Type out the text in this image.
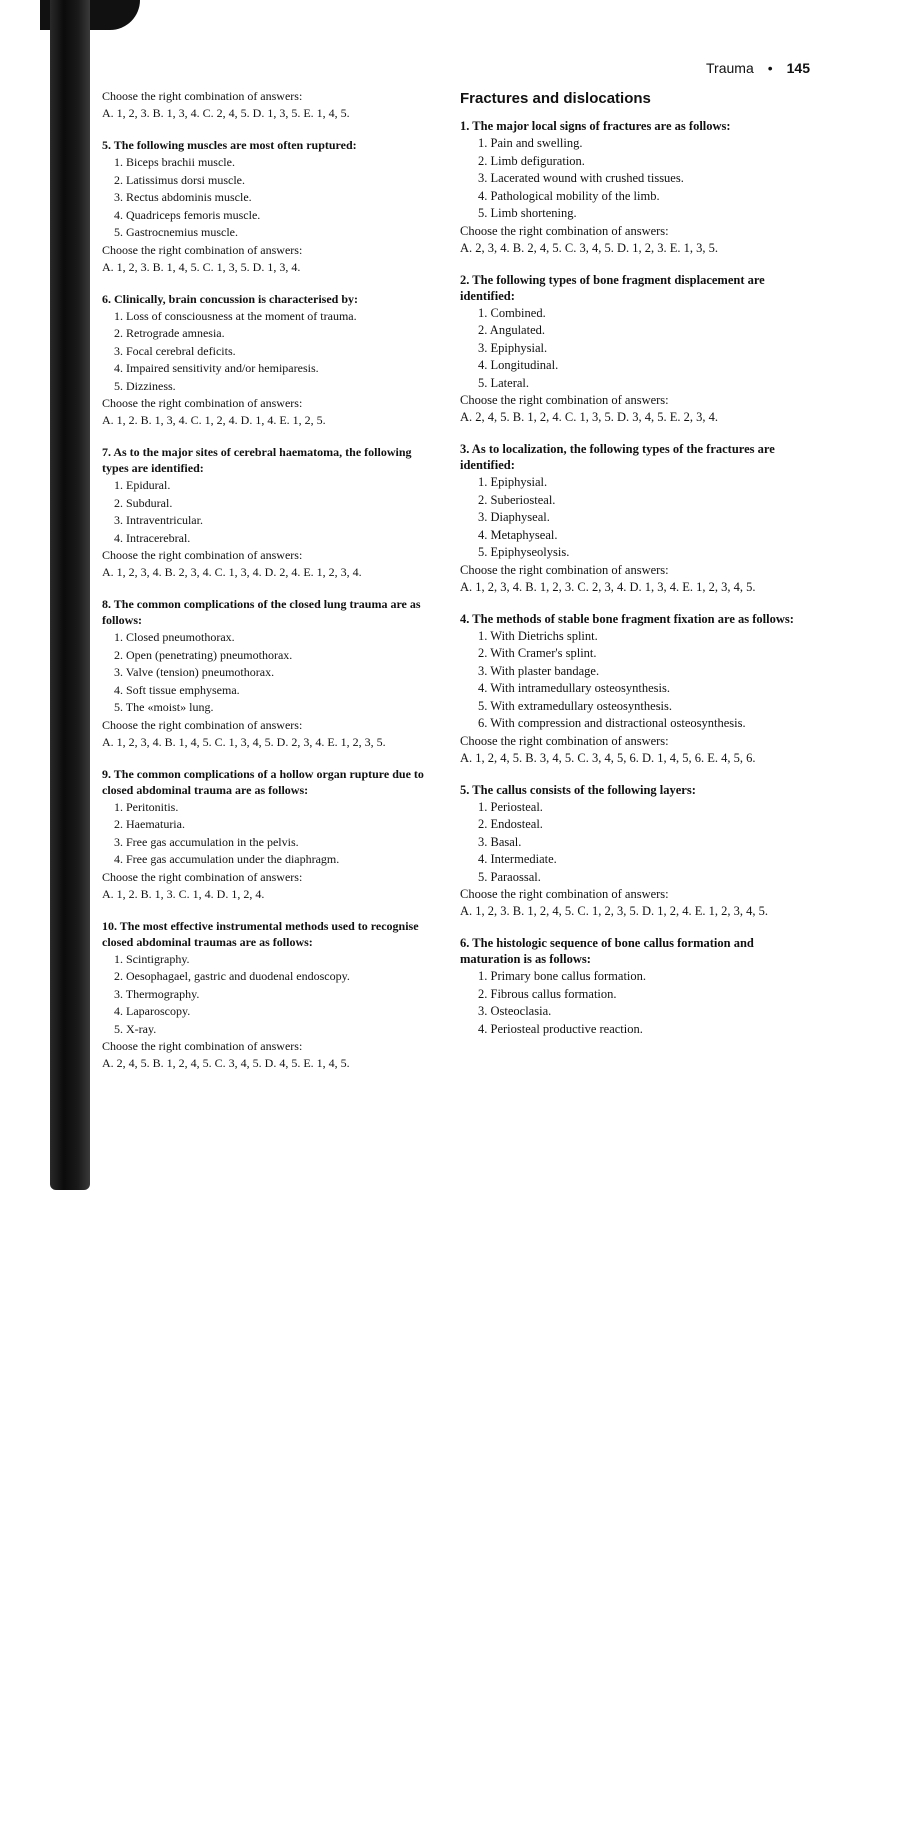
Trauma • 145
Choose the right combination of answers:
A. 1, 2, 3. B. 1, 3, 4. C. 2, 4, 5. D. 1, 3, 5. E. 1, 4, 5.
5. The following muscles are most often ruptured:
1. Biceps brachii muscle.
2. Latissimus dorsi muscle.
3. Rectus abdominis muscle.
4. Quadriceps femoris muscle.
5. Gastrocnemius muscle.
Choose the right combination of answers:
A. 1, 2, 3. B. 1, 4, 5. C. 1, 3, 5. D. 1, 3, 4.
6. Clinically, brain concussion is characterised by:
1. Loss of consciousness at the moment of trauma.
2. Retrograde amnesia.
3. Focal cerebral deficits.
4. Impaired sensitivity and/or hemiparesis.
5. Dizziness.
Choose the right combination of answers:
A. 1, 2. B. 1, 3, 4. C. 1, 2, 4. D. 1, 4. E. 1, 2, 5.
7. As to the major sites of cerebral haematoma, the following types are identified:
1. Epidural.
2. Subdural.
3. Intraventricular.
4. Intracerebral.
Choose the right combination of answers:
A. 1, 2, 3, 4. B. 2, 3, 4. C. 1, 3, 4. D. 2, 4. E. 1, 2, 3, 4.
8. The common complications of the closed lung trauma are as follows:
1. Closed pneumothorax.
2. Open (penetrating) pneumothorax.
3. Valve (tension) pneumothorax.
4. Soft tissue emphysema.
5. The «moist» lung.
Choose the right combination of answers:
A. 1, 2, 3, 4. B. 1, 4, 5. C. 1, 3, 4, 5. D. 2, 3, 4. E. 1, 2, 3, 5.
9. The common complications of a hollow organ rupture due to closed abdominal trauma are as follows:
1. Peritonitis.
2. Haematuria.
3. Free gas accumulation in the pelvis.
4. Free gas accumulation under the diaphragm.
Choose the right combination of answers:
A. 1, 2. B. 1, 3. C. 1, 4. D. 1, 2, 4.
10. The most effective instrumental methods used to recognise closed abdominal traumas are as follows:
1. Scintigraphy.
2. Oesophagael, gastric and duodenal endoscopy.
3. Thermography.
4. Laparoscopy.
5. X-ray.
Choose the right combination of answers:
A. 2, 4, 5. B. 1, 2, 4, 5. C. 3, 4, 5. D. 4, 5. E. 1, 4, 5.
Fractures and dislocations
1. The major local signs of fractures are as follows:
1. Pain and swelling.
2. Limb defiguration.
3. Lacerated wound with crushed tissues.
4. Pathological mobility of the limb.
5. Limb shortening.
Choose the right combination of answers:
A. 2, 3, 4. B. 2, 4, 5. C. 3, 4, 5. D. 1, 2, 3. E. 1, 3, 5.
2. The following types of bone fragment displacement are identified:
1. Combined.
2. Angulated.
3. Epiphysial.
4. Longitudinal.
5. Lateral.
Choose the right combination of answers:
A. 2, 4, 5. B. 1, 2, 4. C. 1, 3, 5. D. 3, 4, 5. E. 2, 3, 4.
3. As to localization, the following types of the fractures are identified:
1. Epiphysial.
2. Suberiosteal.
3. Diaphyseal.
4. Metaphyseal.
5. Epiphyseolysis.
Choose the right combination of answers:
A. 1, 2, 3, 4. B. 1, 2, 3. C. 2, 3, 4. D. 1, 3, 4. E. 1, 2, 3, 4, 5.
4. The methods of stable bone fragment fixation are as follows:
1. With Dietrichs splint.
2. With Cramer's splint.
3. With plaster bandage.
4. With intramedullary osteosynthesis.
5. With extramedullary osteosynthesis.
6. With compression and distractional osteosynthesis.
Choose the right combination of answers:
A. 1, 2, 4, 5. B. 3, 4, 5. C. 3, 4, 5, 6. D. 1, 4, 5, 6. E. 4, 5, 6.
5. The callus consists of the following layers:
1. Periosteal.
2. Endosteal.
3. Basal.
4. Intermediate.
5. Paraossal.
Choose the right combination of answers:
A. 1, 2, 3. B. 1, 2, 4, 5. C. 1, 2, 3, 5. D. 1, 2, 4. E. 1, 2, 3, 4, 5.
6. The histologic sequence of bone callus formation and maturation is as follows:
1. Primary bone callus formation.
2. Fibrous callus formation.
3. Osteoclasia.
4. Periosteal productive reaction.
